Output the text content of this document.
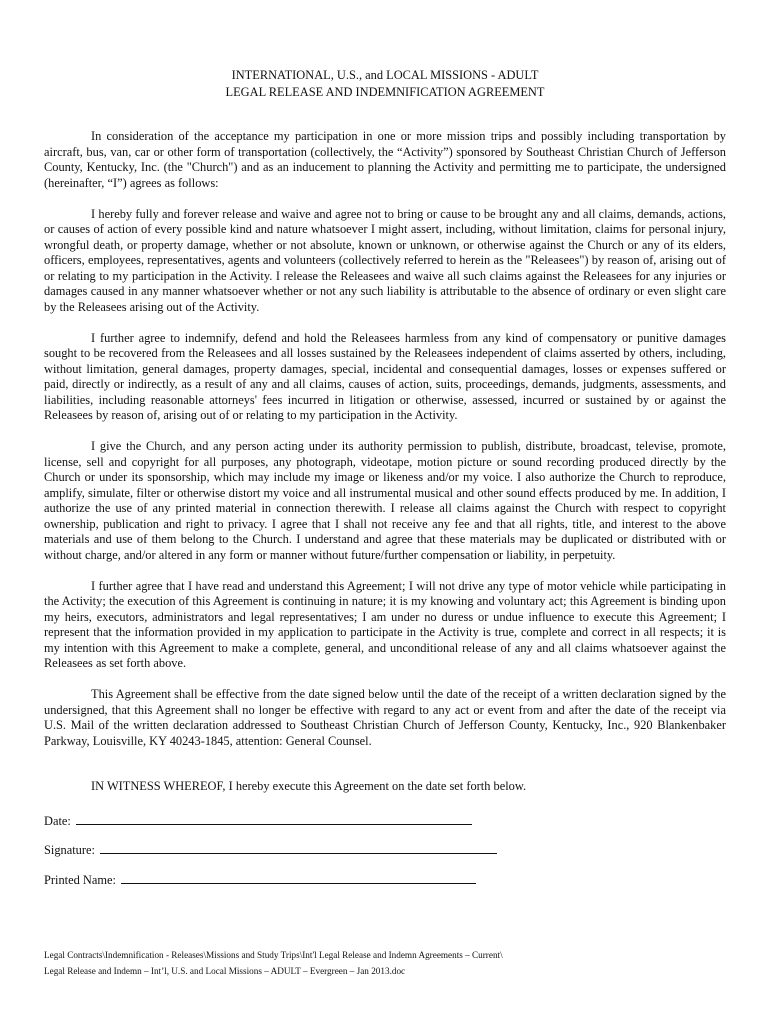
INTERNATIONAL, U.S., and LOCAL MISSIONS - ADULT
LEGAL RELEASE AND INDEMNIFICATION AGREEMENT

In consideration of the acceptance my participation in one or more mission trips and possibly including transportation by aircraft, bus, van, car or other form of transportation (collectively, the “Activity”) sponsored by Southeast Christian Church of Jefferson County, Kentucky, Inc. (the "Church") and as an inducement to planning the Activity and permitting me to participate, the undersigned (hereinafter, “I”) agrees as follows:

I hereby fully and forever release and waive and agree not to bring or cause to be brought any and all claims, demands, actions, or causes of action of every possible kind and nature whatsoever I might assert, including, without limitation, claims for personal injury, wrongful death, or property damage, whether or not absolute, known or unknown, or otherwise against the Church or any of its elders, officers, employees, representatives, agents and volunteers (collectively referred to herein as the "Releasees") by reason of, arising out of or relating to my participation in the Activity. I release the Releasees and waive all such claims against the Releasees for any injuries or damages caused in any manner whatsoever whether or not any such liability is attributable to the absence of ordinary or even slight care by the Releasees arising out of the Activity.

I further agree to indemnify, defend and hold the Releasees harmless from any kind of compensatory or punitive damages sought to be recovered from the Releasees and all losses sustained by the Releasees independent of claims asserted by others, including, without limitation, general damages, property damages, special, incidental and consequential damages, losses or expenses suffered or paid, directly or indirectly, as a result of any and all claims, causes of action, suits, proceedings, demands, judgments, assessments, and liabilities, including reasonable attorneys' fees incurred in litigation or otherwise, assessed, incurred or sustained by or against the Releasees by reason of, arising out of or relating to my participation in the Activity.

I give the Church, and any person acting under its authority permission to publish, distribute, broadcast, televise, promote, license, sell and copyright for all purposes, any photograph, videotape, motion picture or sound recording produced directly by the Church or under its sponsorship, which may include my image or likeness and/or my voice. I also authorize the Church to reproduce, amplify, simulate, filter or otherwise distort my voice and all instrumental musical and other sound effects produced by me. In addition, I authorize the use of any printed material in connection therewith. I release all claims against the Church with respect to copyright ownership, publication and right to privacy. I agree that I shall not receive any fee and that all rights, title, and interest to the above materials and use of them belong to the Church. I understand and agree that these materials may be duplicated or distributed with or without charge, and/or altered in any form or manner without future/further compensation or liability, in perpetuity.

I further agree that I have read and understand this Agreement; I will not drive any type of motor vehicle while participating in the Activity; the execution of this Agreement is continuing in nature; it is my knowing and voluntary act; this Agreement is binding upon my heirs, executors, administrators and legal representatives; I am under no duress or undue influence to execute this Agreement; I represent that the information provided in my application to participate in the Activity is true, complete and correct in all respects; it is my intention with this Agreement to make a complete, general, and unconditional release of any and all claims whatsoever against the Releasees as set forth above.

This Agreement shall be effective from the date signed below until the date of the receipt of a written declaration signed by the undersigned, that this Agreement shall no longer be effective with regard to any act or event from and after the date of the receipt via U.S. Mail of the written declaration addressed to Southeast Christian Church of Jefferson County, Kentucky, Inc., 920 Blankenbaker Parkway, Louisville, KY 40243-1845, attention: General Counsel.

IN WITNESS WHEREOF, I hereby execute this Agreement on the date set forth below.

Date:
Signature:
Printed Name:
Legal Contracts\Indemnification - Releases\Missions and Study Trips\Int'l Legal Release and Indemn Agreements – Current\
Legal Release and Indemn – Int’l, U.S. and Local Missions – ADULT – Evergreen – Jan 2013.doc
